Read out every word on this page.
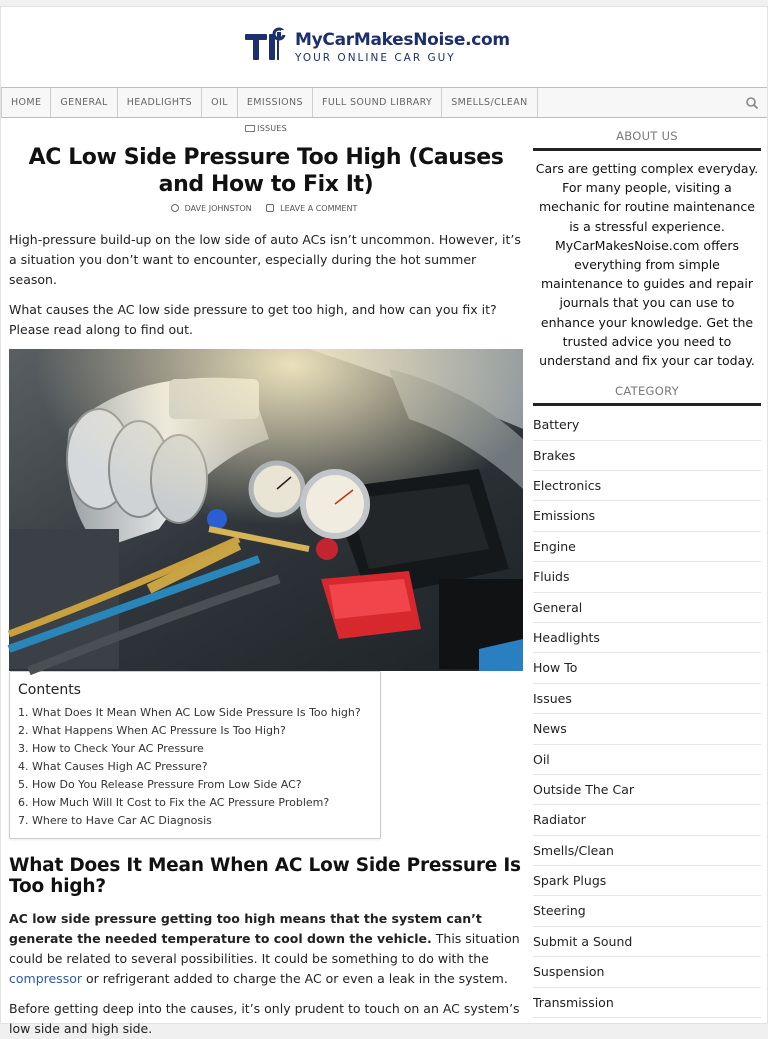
MyCarMakesNoise.com
YOUR ONLINE CAR GUY
HOME	GENERAL	HEADLIGHTS	OIL	EMISSIONS	FULL SOUND LIBRARY	SMELLS/CLEAN
ISSUES
AC Low Side Pressure Too High (Causes and How to Fix It)
DAVE JOHNSTON	LEAVE A COMMENT

High-pressure build-up on the low side of auto ACs isn’t uncommon. However, it’s a situation you don’t want to encounter, especially during the hot summer season.

What causes the AC low side pressure to get too high, and how can you fix it? Please read along to find out.

Contents
1. What Does It Mean When AC Low Side Pressure Is Too high?
2. What Happens When AC Pressure Is Too High?
3. How to Check Your AC Pressure
4. What Causes High AC Pressure?
5. How Do You Release Pressure From Low Side AC?
6. How Much Will It Cost to Fix the AC Pressure Problem?
7. Where to Have Car AC Diagnosis
What Does It Mean When AC Low Side Pressure Is Too high?

AC low side pressure getting too high means that the system can’t generate the needed temperature to cool down the vehicle. This situation could be related to several possibilities. It could be something to do with the compressor or refrigerant added to charge the AC or even a leak in the system.

Before getting deep into the causes, it’s only prudent to touch on an AC system’s low side and high side.

ABOUT US

Cars are getting complex everyday. For many people, visiting a mechanic for routine maintenance is a stressful experience. MyCarMakesNoise.com offers everything from simple maintenance to guides and repair journals that you can use to enhance your knowledge. Get the trusted advice you need to understand and fix your car today.

CATEGORY
Battery
Brakes
Electronics
Emissions
Engine
Fluids
General
Headlights
How To
Issues
News
Oil
Outside The Car
Radiator
Smells/Clean
Spark Plugs
Steering
Submit a Sound
Suspension
Transmission
